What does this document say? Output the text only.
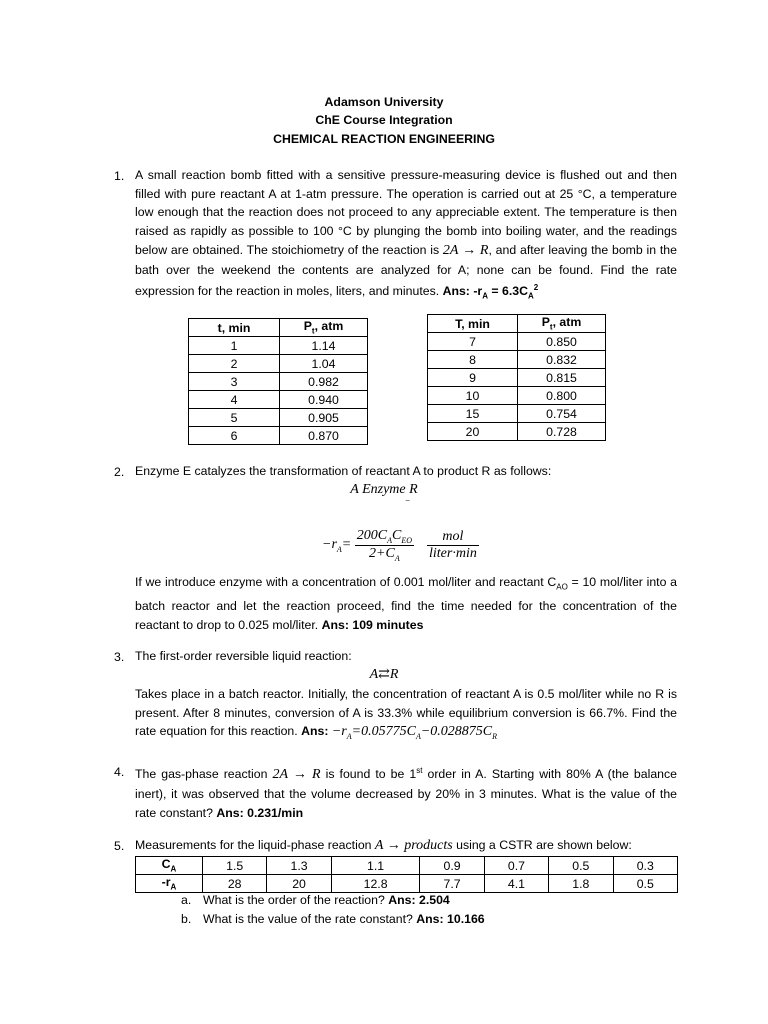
Adamson University
ChE Course Integration
CHEMICAL REACTION ENGINEERING
1. A small reaction bomb fitted with a sensitive pressure-measuring device is flushed out and then filled with pure reactant A at 1-atm pressure. The operation is carried out at 25 °C, a temperature low enough that the reaction does not proceed to any appreciable extent. The temperature is then raised as rapidly as possible to 100 °C by plunging the bomb into boiling water, and the readings below are obtained. The stoichiometry of the reaction is 2A → R, and after leaving the bomb in the bath over the weekend the contents are analyzed for A; none can be found. Find the rate expression for the reaction in moles, liters, and minutes. Ans: $-r_A = 6.3C_A^2$
t, min	$P_t$, atm
1	1.14
2	1.04
3	0.982
4	0.940
5	0.905
6	0.870
T, min	$P_t$, atm
7	0.850
8	0.832
9	0.815
10	0.800
15	0.754
20	0.728
2. Enzyme E catalyzes the transformation of reactant A to product R as follows:
A Enzyme R
⁻
$-r_A= \frac{200C_AC_{EO}}{2+C_A}$
$\frac{\text{mol}}{\text{liter·min}}$
If we introduce enzyme with a concentration of 0.001 mol/liter and reactant $C_{AO} = 10$ mol/liter into a batch reactor and let the reaction proceed, find the time needed for the concentration of the reactant to drop to 0.025 mol/liter. Ans: 109 minutes
3. The first-order reversible liquid reaction:
A⇄R
Takes place in a batch reactor. Initially, the concentration of reactant A is 0.5 mol/liter while no R is present. After 8 minutes, conversion of A is 33.3% while equilibrium conversion is 66.7%. Find the rate equation for this reaction. Ans: $-r_A=0.05775C_A-0.028875C_R$
4. The gas-phase reaction 2A → R is found to be 1st order in A. Starting with 80% A (the balance inert), it was observed that the volume decreased by 20% in 3 minutes. What is the value of the rate constant? Ans: 0.231/min
5. Measurements for the liquid-phase reaction A → products using a CSTR are shown below:
$C_A$	1.5	1.3	1.1	0.9	0.7	0.5	0.3
$-r_A$	28	20	12.8	7.7	4.1	1.8	0.5
a. What is the order of the reaction? Ans: 2.504
b. What is the value of the rate constant? Ans: 10.166
